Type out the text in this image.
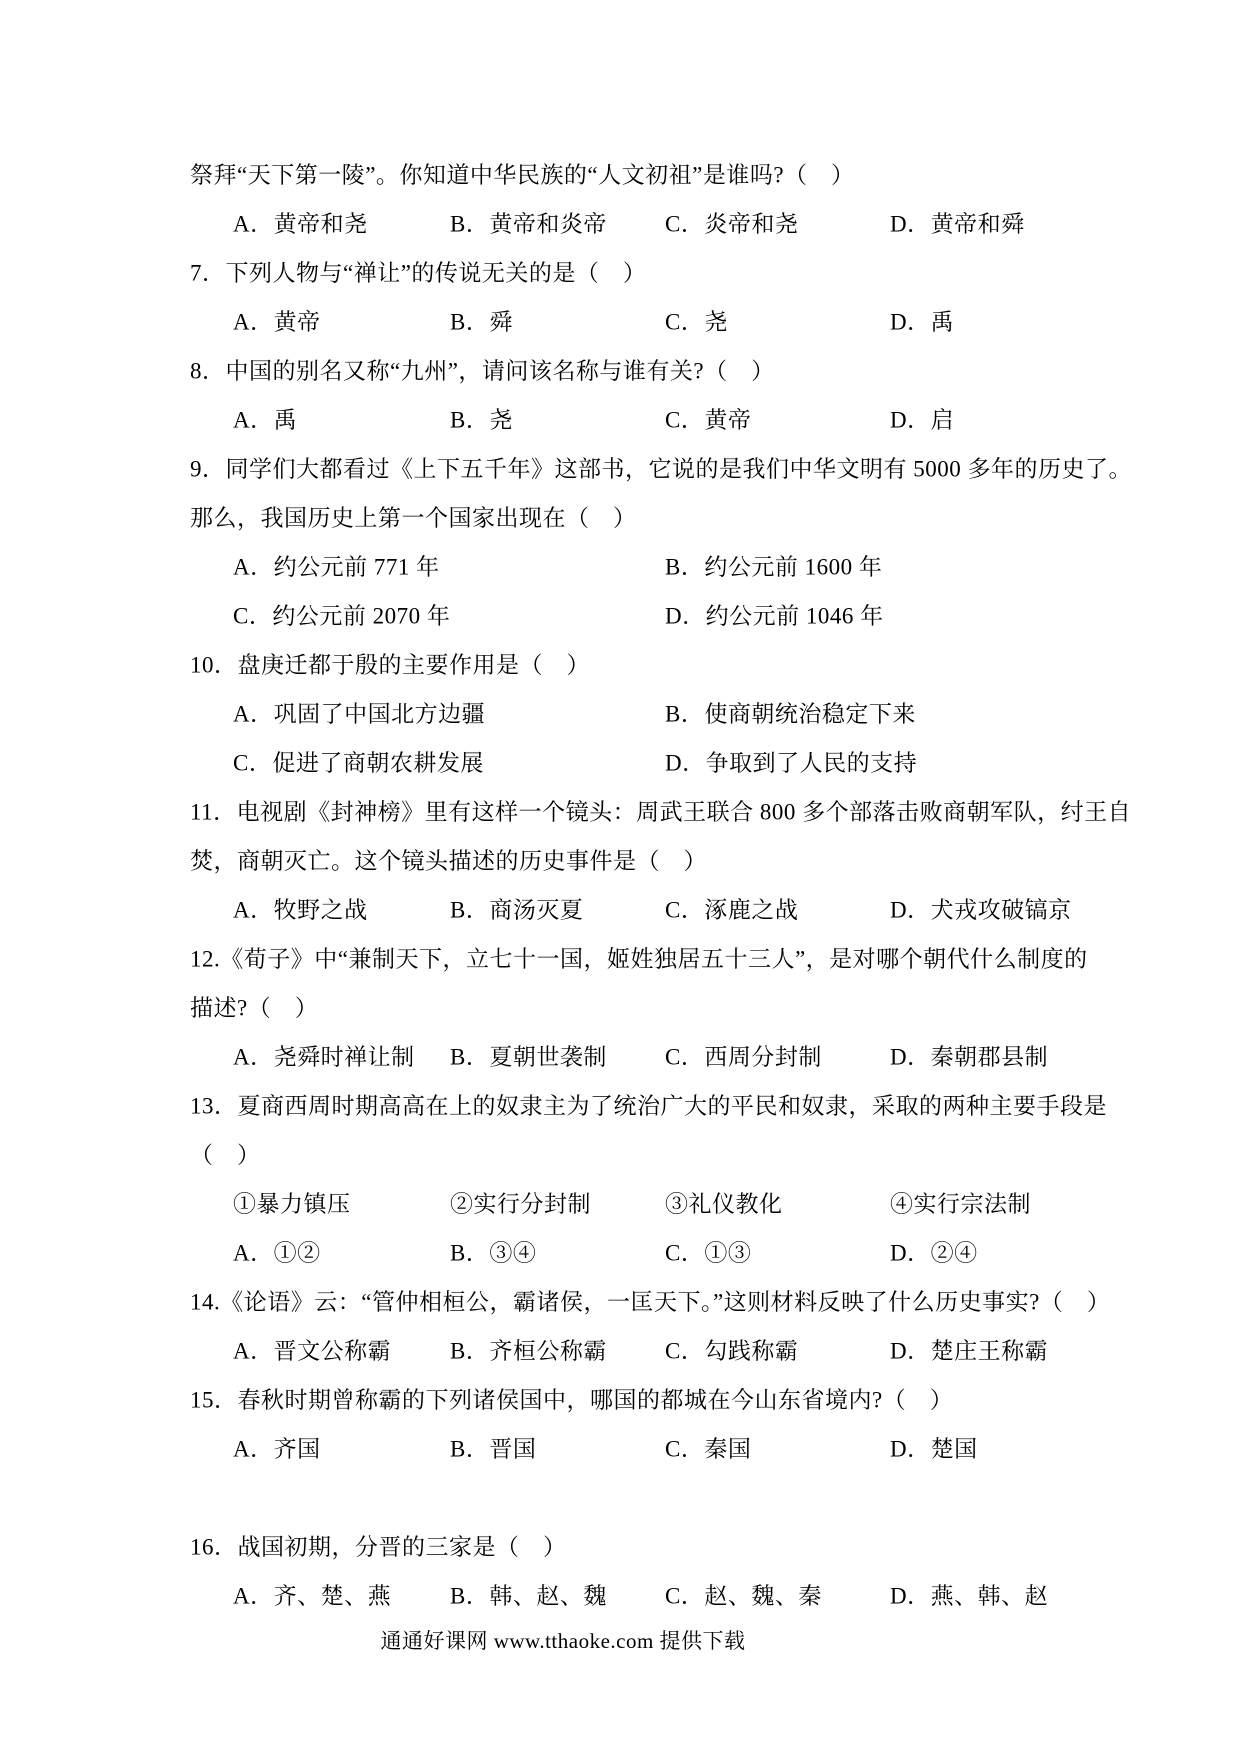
祭拜“天下第一陵”。你知道中华民族的“人文初祖”是谁吗?（　）
A．黄帝和尧	B．黄帝和炎帝	C．炎帝和尧	D．黄帝和舜
7．下列人物与“禅让”的传说无关的是（　）
A．黄帝	B．舜	C．尧	D．禹
8．中国的别名又称“九州”，请问该名称与谁有关?（　）
A．禹	B．尧	C．黄帝	D．启
9．同学们大都看过《上下五千年》这部书，它说的是我们中华文明有 5000 多年的历史了。
那么，我国历史上第一个国家出现在（　）
A．约公元前 771 年	B．约公元前 1600 年
C．约公元前 2070 年	D．约公元前 1046 年
10．盘庚迁都于殷的主要作用是（　）
A．巩固了中国北方边疆	B．使商朝统治稳定下来
C．促进了商朝农耕发展	D．争取到了人民的支持
11．电视剧《封神榜》里有这样一个镜头：周武王联合 800 多个部落击败商朝军队，纣王自
焚，商朝灭亡。这个镜头描述的历史事件是（　）
A．牧野之战	B．商汤灭夏	C．涿鹿之战	D．犬戎攻破镐京
12.《荀子》中“兼制天下，立七十一国，姬姓独居五十三人”，是对哪个朝代什么制度的
描述?（　）
A．尧舜时禅让制 B．夏朝世袭制	C．西周分封制	D．秦朝郡县制
13．夏商西周时期高高在上的奴隶主为了统治广大的平民和奴隶，采取的两种主要手段是
（　）
①暴力镇压	②实行分封制	③礼仪教化	④实行宗法制
A．①②	B．③④	C．①③	D．②④
14.《论语》云：“管仲相桓公，霸诸侯，一匡天下。”这则材料反映了什么历史事实?（　）
A．晋文公称霸	B．齐桓公称霸	C．勾践称霸	D．楚庄王称霸
15．春秋时期曾称霸的下列诸侯国中，哪国的都城在今山东省境内?（　）
A．齐国	B．晋国	C．秦国	D．楚国
16．战国初期，分晋的三家是（　）
A．齐、楚、燕	B．韩、赵、魏	C．赵、魏、秦	D．燕、韩、赵
通通好课网 www.tthaoke.com 提供下载
